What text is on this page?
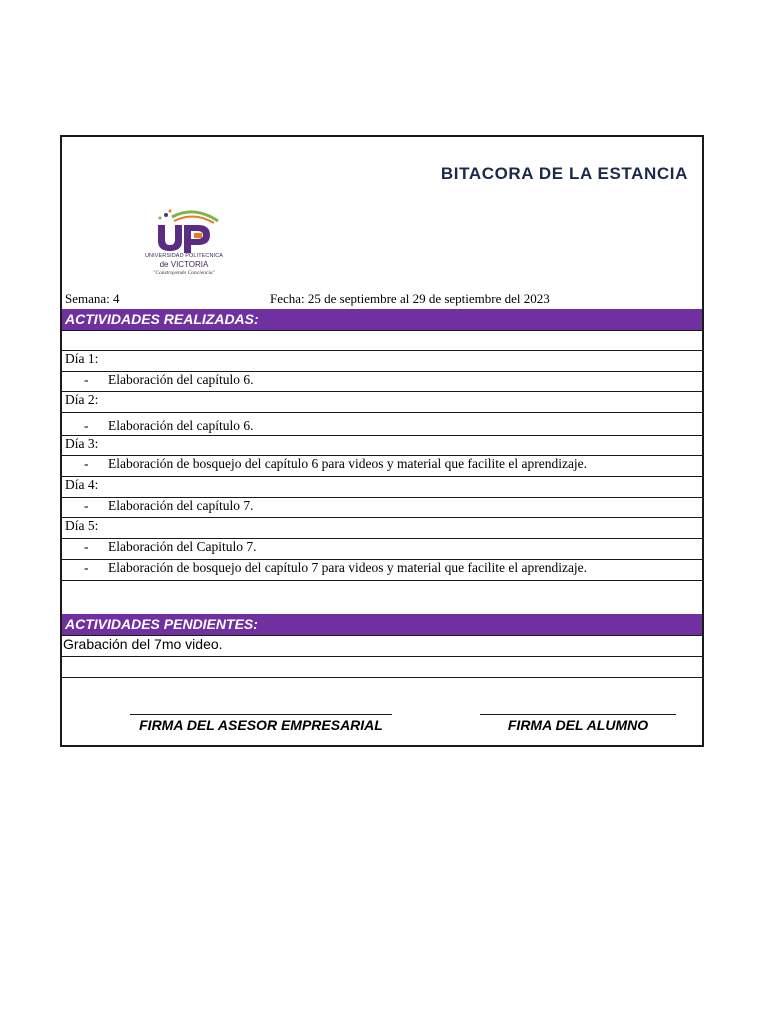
BITACORA DE LA ESTANCIA
UNIVERSIDAD POLITECNICA
de VICTORIA
"Construyendo Conciencia"
Semana: 4	Fecha: 25 de septiembre al 29 de septiembre del 2023
ACTIVIDADES REALIZADAS:
Día 1:
- Elaboración del capítulo 6.
Día 2:
- Elaboración del capítulo 6.
Día 3:
- Elaboración de bosquejo del capítulo 6 para videos y material que facilite el aprendizaje.
Día 4:
- Elaboración del capítulo 7.
Día 5:
- Elaboración del Capitulo 7.
- Elaboración de bosquejo del capítulo 7 para videos y material que facilite el aprendizaje.
ACTIVIDADES PENDIENTES:
Grabación del 7mo video.
FIRMA DEL ASESOR EMPRESARIAL	FIRMA DEL ALUMNO
